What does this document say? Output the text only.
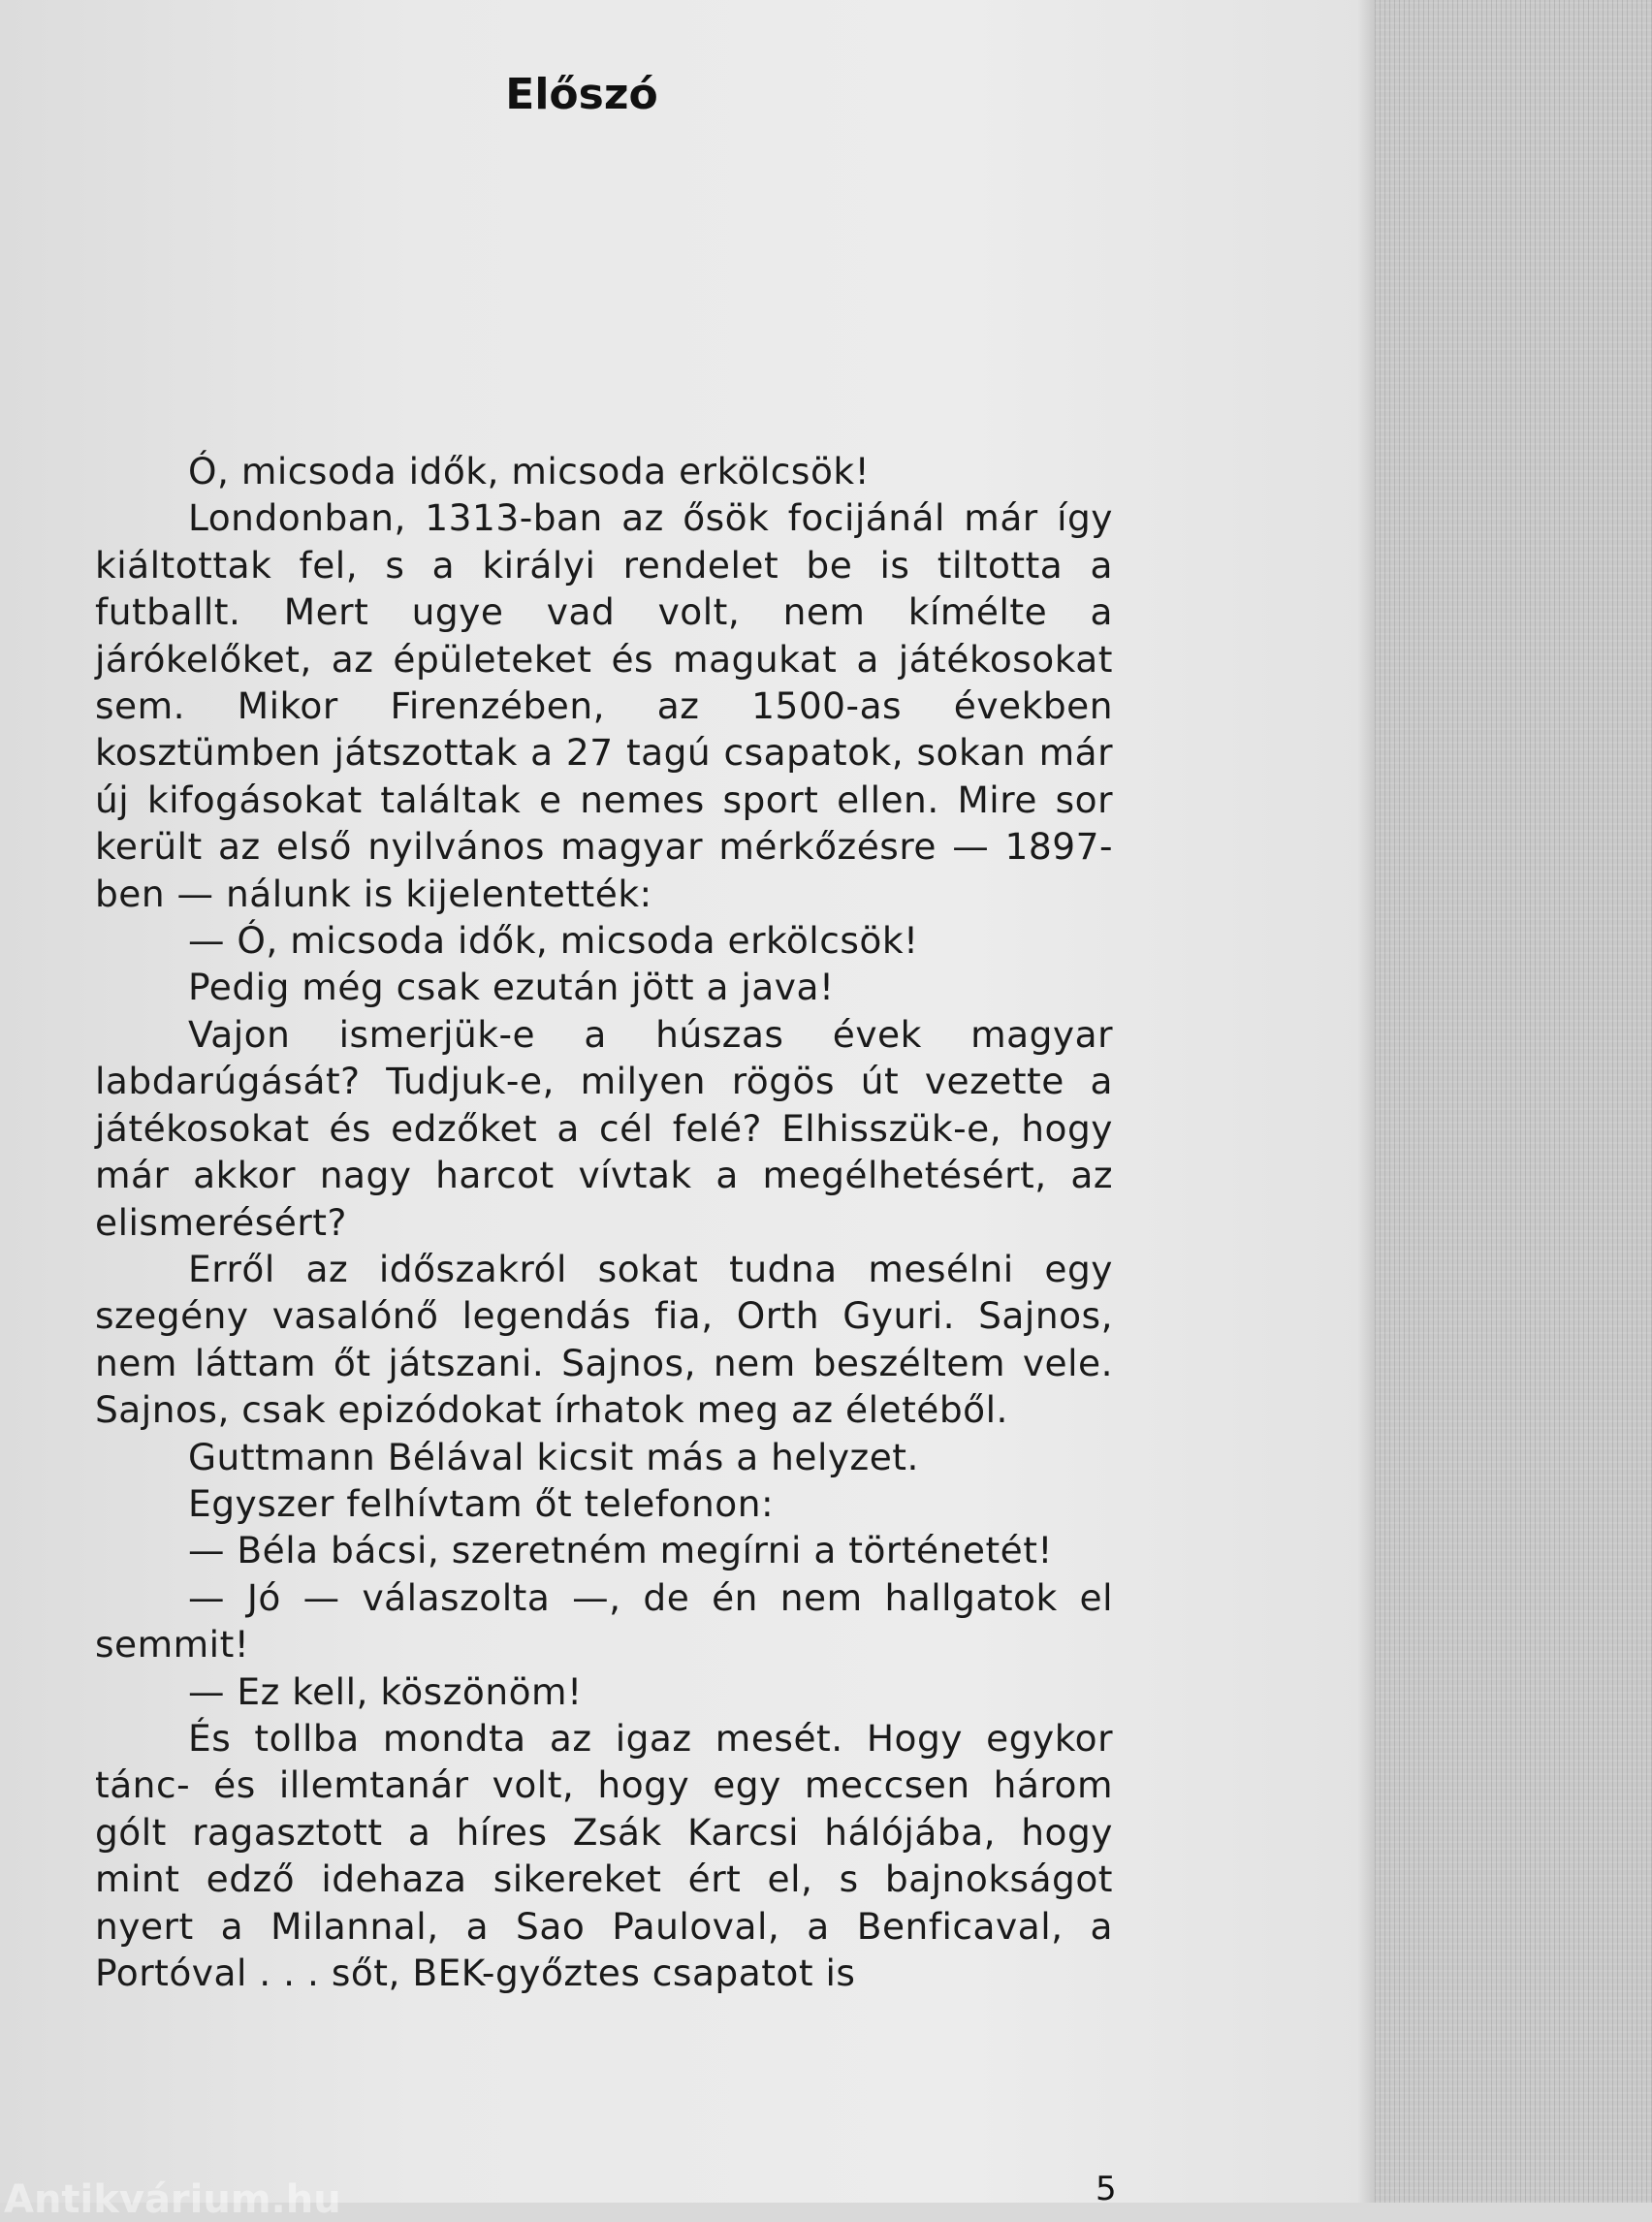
Előszó

Ó, micsoda idők, micsoda erkölcsök!

Londonban, 1313-ban az ősök focijánál már így kiáltottak fel, s a királyi rendelet be is tiltotta a futballt. Mert ugye vad volt, nem kímélte a járókelőket, az épületeket és magukat a játékosokat sem. Mikor Firenzében, az 1500-as években kosztümben játszottak a 27 tagú csapatok, sokan már új kifogásokat találtak e nemes sport ellen. Mire sor került az első nyilvános magyar mérkőzésre — 1897-ben — nálunk is kijelentették:

— Ó, micsoda idők, micsoda erkölcsök!

Pedig még csak ezután jött a java!

Vajon ismerjük-e a húszas évek magyar labdarúgását? Tudjuk-e, milyen rögös út vezette a játékosokat és edzőket a cél felé? Elhisszük-e, hogy már akkor nagy harcot vívtak a megélhetésért, az elismerésért?

Erről az időszakról sokat tudna mesélni egy szegény vasalónő legendás fia, Orth Gyuri. Sajnos, nem láttam őt játszani. Sajnos, nem beszéltem vele. Sajnos, csak epizódokat írhatok meg az életéből.

Guttmann Bélával kicsit más a helyzet.

Egyszer felhívtam őt telefonon:

— Béla bácsi, szeretném megírni a történetét!

— Jó — válaszolta —, de én nem hallgatok el semmit!

— Ez kell, köszönöm!

És tollba mondta az igaz mesét. Hogy egykor tánc- és illemtanár volt, hogy egy meccsen három gólt ragasztott a híres Zsák Karcsi hálójába, hogy mint edző idehaza sikereket ért el, s bajnokságot nyert a Milannal, a Sao Pauloval, a Benficaval, a Portóval . . . sőt, BEK-győztes csapatot is

5
Antikvárium.hu
